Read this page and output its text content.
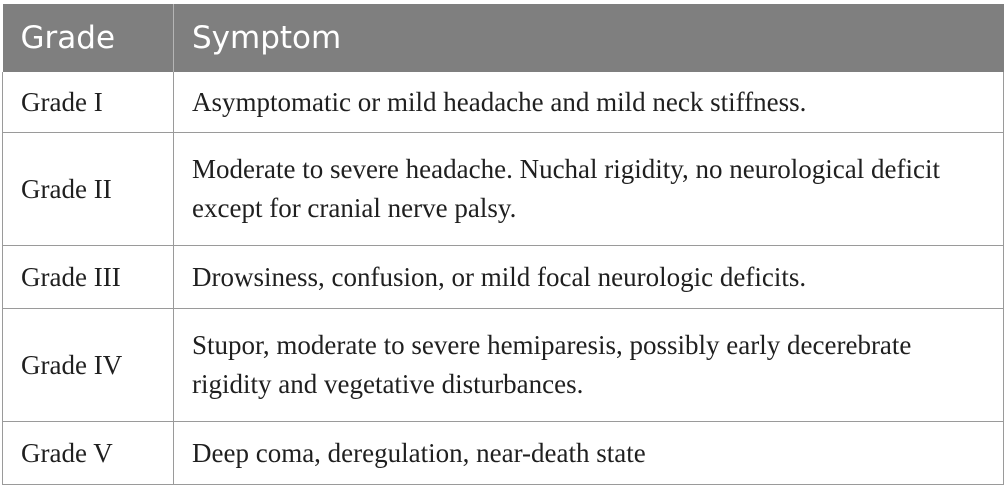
Grade	Symptom
Grade I	Asymptomatic or mild headache and mild neck stiffness.
Grade II	Moderate to severe headache. Nuchal rigidity, no neurological deficit except for cranial nerve palsy.
Grade III	Drowsiness, confusion, or mild focal neurologic deficits.
Grade IV	Stupor, moderate to severe hemiparesis, possibly early decerebrate rigidity and vegetative disturbances.
Grade V	Deep coma, deregulation, near-death state
